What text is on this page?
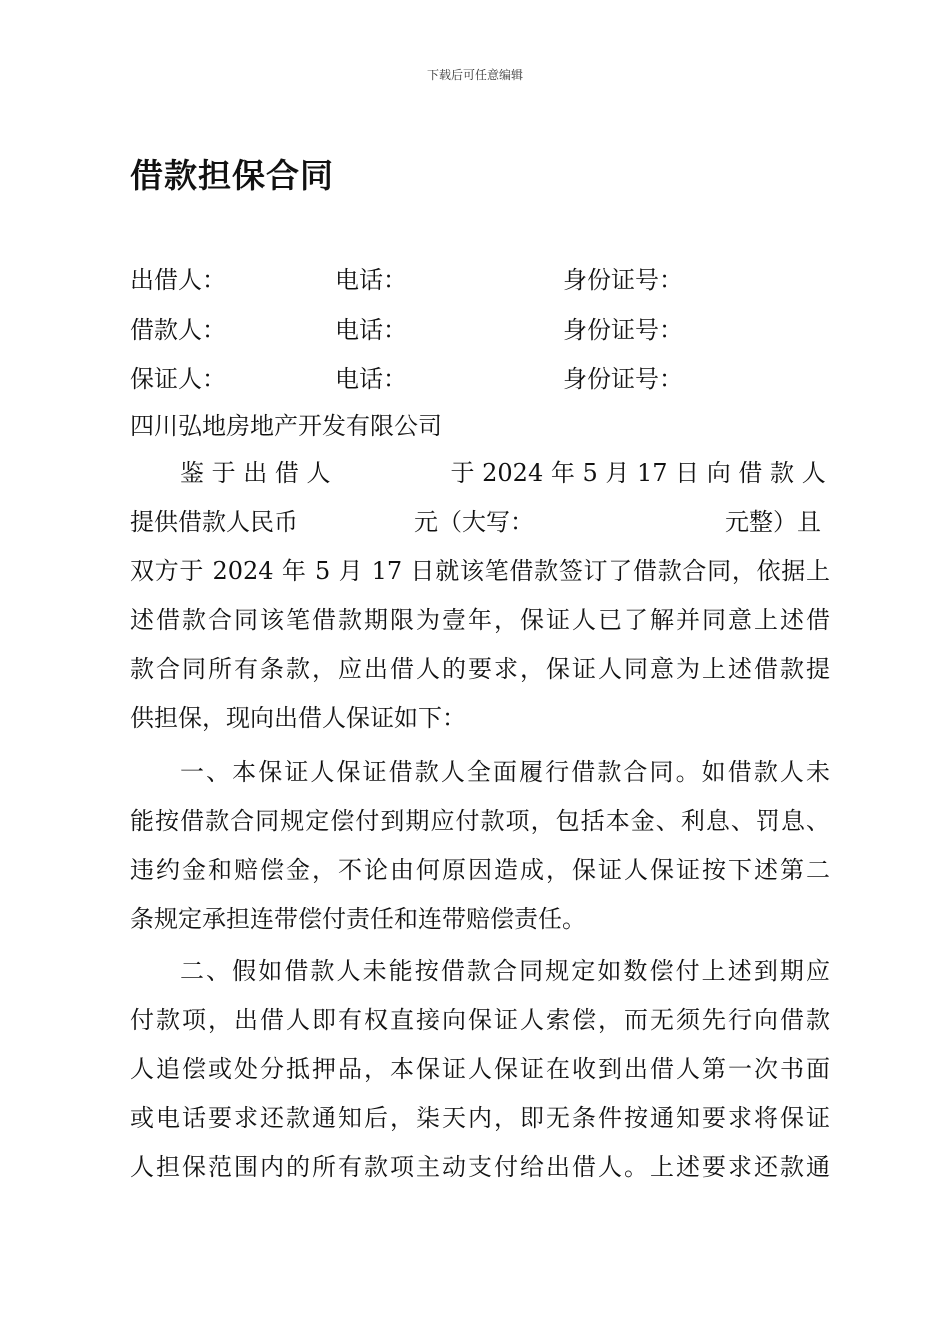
下载后可任意编辑
借款担保合同
出借人：	电话：	身份证号：
借款人：	电话：	身份证号：
保证人：	电话：	身份证号：
四川弘地房地产开发有限公司
鉴 于 出 借 人　　　　　于 2024 年 5 月 17 日 向 借 款 人
提供借款人民币	元（大写：	元整）且
双方于 2024 年 5 月 17 日就该笔借款签订了借款合同，依据上
述借款合同该笔借款期限为壹年，保证人已了解并同意上述借
款合同所有条款，应出借人的要求，保证人同意为上述借款提
供担保，现向出借人保证如下：
一、本保证人保证借款人全面履行借款合同。如借款人未
能按借款合同规定偿付到期应付款项，包括本金、利息、罚息、
违约金和赔偿金，不论由何原因造成，保证人保证按下述第二
条规定承担连带偿付责任和连带赔偿责任。
二、假如借款人未能按借款合同规定如数偿付上述到期应
付款项，出借人即有权直接向保证人索偿，而无须先行向借款
人追偿或处分抵押品，本保证人保证在收到出借人第一次书面
或电话要求还款通知后，柒天内，即无条件按通知要求将保证
人担保范围内的所有款项主动支付给出借人。上述要求还款通
